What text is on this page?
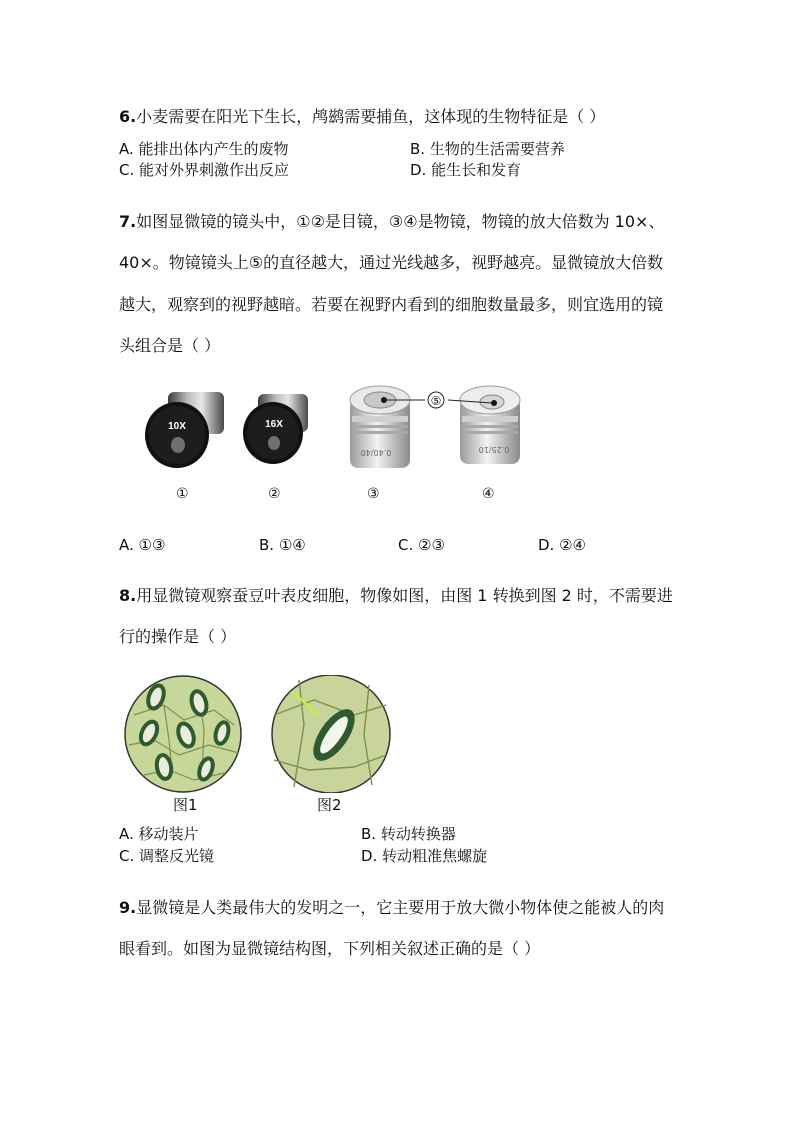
6.小麦需要在阳光下生长，鸬鹚需要捕鱼，这体现的生物特征是（ ）
A. 能排出体内产生的废物	B. 生物的生活需要营养
C. 能对外界刺激作出反应	D. 能生长和发育
7.如图显微镜的镜头中，①②是目镜，③④是物镜，物镜的放大倍数为 10×、
40×。物镜镜头上⑤的直径越大，通过光线越多，视野越亮。显微镜放大倍数
越大，观察到的视野越暗。若要在视野内看到的细胞数量最多，则宜选用的镜
头组合是（ ）
10X	16X
0.40/40	0.25/10
⑤
①	②	③	④
A. ①③	B. ①④	C. ②③	D. ②④
8.用显微镜观察蚕豆叶表皮细胞，物像如图，由图 1 转换到图 2 时，不需要进
行的操作是（ ）
图1	图2
A. 移动装片	B. 转动转换器
C. 调整反光镜	D. 转动粗准焦螺旋
9.显微镜是人类最伟大的发明之一，它主要用于放大微小物体使之能被人的肉
眼看到。如图为显微镜结构图，下列相关叙述正确的是（ ）
